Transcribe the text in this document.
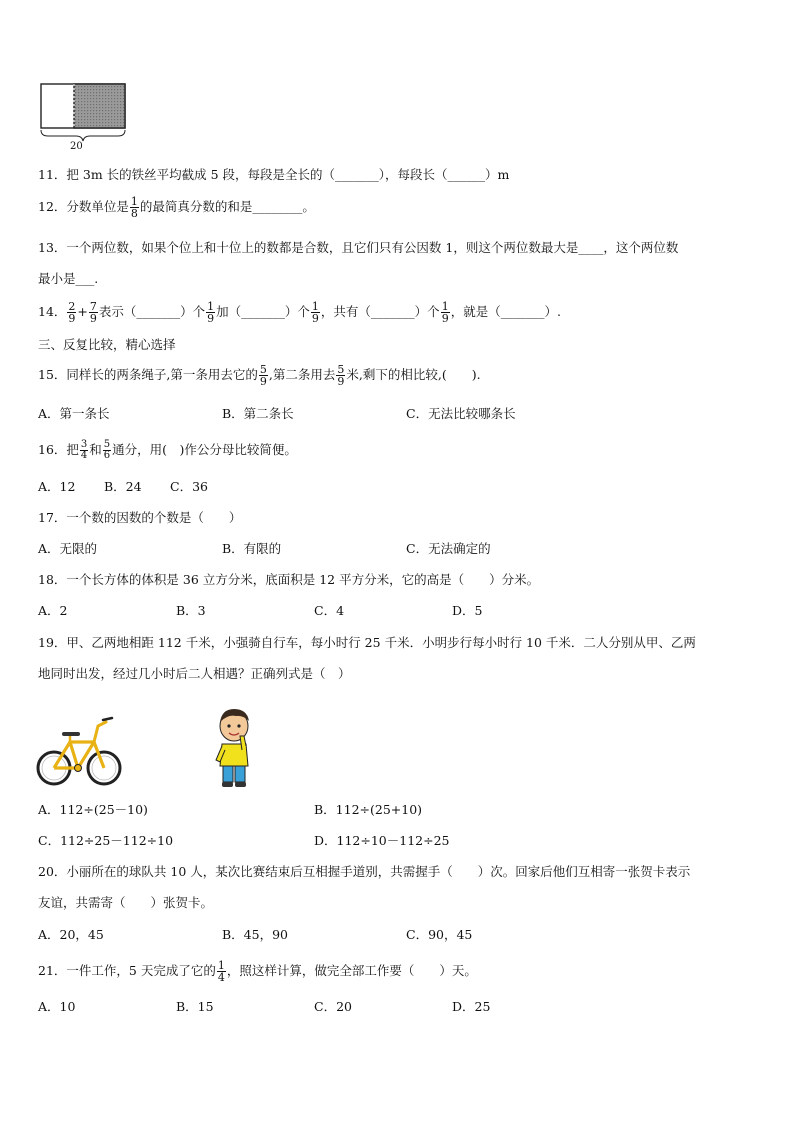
20
11．把 3m 长的铁丝平均截成 5 段，每段是全长的（_______），每段长（______）m
12．分数单位是 $\frac{1}{8}$ 的最简真分数的和是________。
13．一个两位数，如果个位上和十位上的数都是合数，且它们只有公因数 1，则这个两位数最大是____，这个两位数
最小是___.
14． $\frac{2}{9} + \frac{7}{9}$ 表示（_______）个 $\frac{1}{9}$ 加（_______）个 $\frac{1}{9}$ ，共有（_______）个 $\frac{1}{9}$ ，就是（_______）.
三、反复比较，精心选择
15．同样长的两条绳子,第一条用去它的 $\frac{5}{9}$ ,第二条用去 $\frac{5}{9}$ 米,剩下的相比较,(　　).
A．第一条长	B．第二条长	C．无法比较哪条长
16．把 $\frac{3}{4}$ 和 $\frac{5}{6}$ 通分，用(　)作公分母比较简便。
A．12 B．24 C．36
17．一个数的因数的个数是（　　）
A．无限的	B．有限的	C．无法确定的
18．一个长方体的体积是 36 立方分米，底面积是 12 平方分米，它的高是（　　）分米。
A．2	B．3	C．4	D．5
19．甲、乙两地相距 112 千米，小强骑自行车，每小时行 25 千米．小明步行每小时行 10 千米．二人分别从甲、乙两
地同时出发，经过几小时后二人相遇？正确列式是（　）
A．112÷(25－10)	B．112÷(25+10)
C．112÷25－112÷10	D．112÷10－112÷25
20．小丽所在的球队共 10 人，某次比赛结束后互相握手道别，共需握手（　　）次。回家后他们互相寄一张贺卡表示
友谊，共需寄（　　）张贺卡。
A．20，45	B．45，90	C．90，45
21．一件工作，5 天完成了它的 $\frac{1}{4}$ ，照这样计算，做完全部工作要（　　）天。
A．10	B．15	C．20	D．25
